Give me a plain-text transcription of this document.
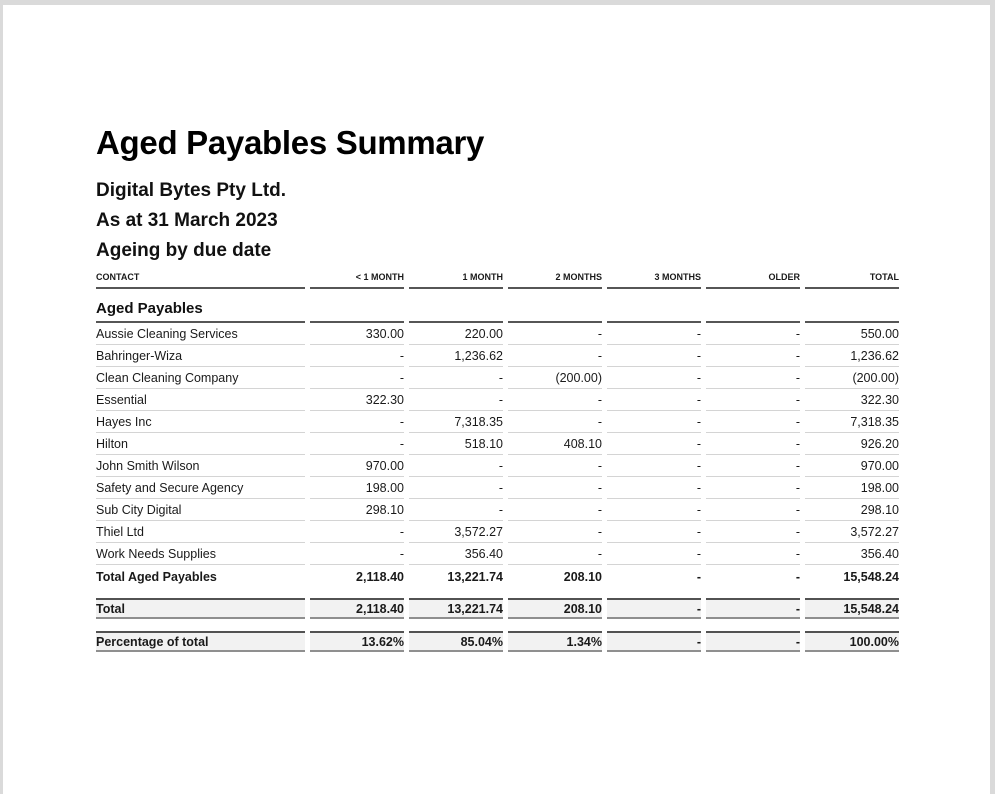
Aged Payables Summary
Digital Bytes Pty Ltd.
As at 31 March 2023
Ageing by due date
CONTACT	< 1 MONTH	1 MONTH	2 MONTHS	3 MONTHS	OLDER	TOTAL
Aged Payables						
Aussie Cleaning Services	330.00	220.00	-	-	-	550.00
Bahringer-Wiza	-	1,236.62	-	-	-	1,236.62
Clean Cleaning Company	-	-	(200.00)	-	-	(200.00)
Essential	322.30	-	-	-	-	322.30
Hayes Inc	-	7,318.35	-	-	-	7,318.35
Hilton	-	518.10	408.10	-	-	926.20
John Smith Wilson	970.00	-	-	-	-	970.00
Safety and Secure Agency	198.00	-	-	-	-	198.00
Sub City Digital	298.10	-	-	-	-	298.10
Thiel Ltd	-	3,572.27	-	-	-	3,572.27
Work Needs Supplies	-	356.40	-	-	-	356.40
Total Aged Payables	2,118.40	13,221.74	208.10	-	-	15,548.24

Total	2,118.40	13,221.74	208.10	-	-	15,548.24

Percentage of total	13.62%	85.04%	1.34%	-	-	100.00%
